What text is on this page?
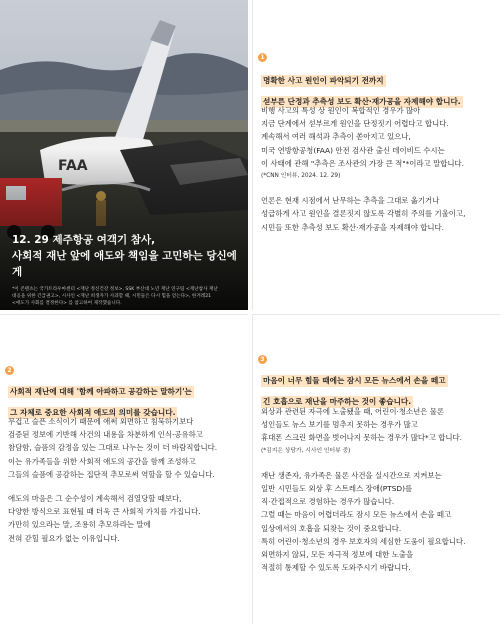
12. 29 제주항공 여객기 참사,
사회적 재난 앞에 애도와 책임을 고민하는 당신에게
*이 콘텐츠는 국가트라우마센터 <재난 정신건강 정보>, SSK 부산대 노년 재난 연구팀 <재난참사 재난
대응을 위한 긴급권고>, 시사인 <재난 희생자가 사과할 때, 시민들은 다시 힘을 얻는다>, 한겨레21
<애도가 사회를 결정한다> 를 참고하여 제작했습니다.
1
명확한 사고 원인이 파악되기 전까지
섣부른 단정과 추측성 보도 확산·재가공을 자제해야 합니다.
비행 사고의 특성 상 원인이 복합적인 경우가 많아
지금 단계에서 섣부르게 원인을 단정짓기 어렵다고 합니다.
계속해서 여러 해석과 추측이 쏟아지고 있으나,
미국 연방항공청(FAA) 안전 검사관 출신 데이비드 수시는
이 사태에 관해 "추측은 조사관의 가장 큰 적"*이라고 말합니다.
(*CNN 인터뷰, 2024. 12. 29)
언론은 현재 시점에서 난무하는 추측을 그대로 옮기거나
성급하게 사고 원인을 결론짓지 않도록 각별히 주의를 기울이고,
시민들 또한 추측성 보도 확산·재가공을 자제해야 합니다.
2
사회적 재난에 대해 '함께 아파하고 공감하는 말하기'는
그 자체로 중요한 사회적 애도의 의미를 갖습니다.
무겁고 슬픈 소식이기 때문에 애써 외면하고 침묵하기보다
검증된 정보에 기반해 사건의 내용을 차분하게 인식·공유하고
참담함, 슬픔의 감정을 있는 그대로 나누는 것이 더 바람직합니다.
이는 유가족들을 위한 사회적 애도의 공간을 함께 조성하고
그들의 슬픔에 공감하는 집단적 추모로써 역할을 할 수 있습니다.
애도의 마음은 그 순수성이 계속해서 검열당할 때보다,
다양한 방식으로 표현될 때 더욱 큰 사회적 가치를 가집니다.
가만히 있으라는 말, 조용히 추모하라는 말에
전혀 갇힐 필요가 없는 이유입니다.
3
마음이 너무 힘들 때에는 잠시 모든 뉴스에서 손을 떼고
긴 호흡으로 재난을 마주하는 것이 좋습니다.
외상과 관련된 자극에 노출됐을 때, 어린이·청소년은 물론
성인들도 뉴스 보기를 멈추지 못하는 경우가 많고
휴대폰 스크린 화면을 벗어나지 못하는 경우가 많다*고 합니다.
(*김지은 상담가, 시사인 인터뷰 중)
재난 생존자, 유가족은 물론 사건을 실시간으로 지켜보는
일반 시민들도 외상 후 스트레스 장애(PTSD)를
직·간접적으로 경험하는 경우가 많습니다.
그럴 때는 마음이 어렵더라도 잠시 모든 뉴스에서 손을 떼고
일상에서의 호흡을 되찾는 것이 중요합니다.
특히 어린이·청소년의 경우 보호자의 세심한 도움이 필요합니다.
외면하지 않되, 모든 자극적 정보에 대한 노출을
적절히 통제할 수 있도록 도와주시기 바랍니다.
